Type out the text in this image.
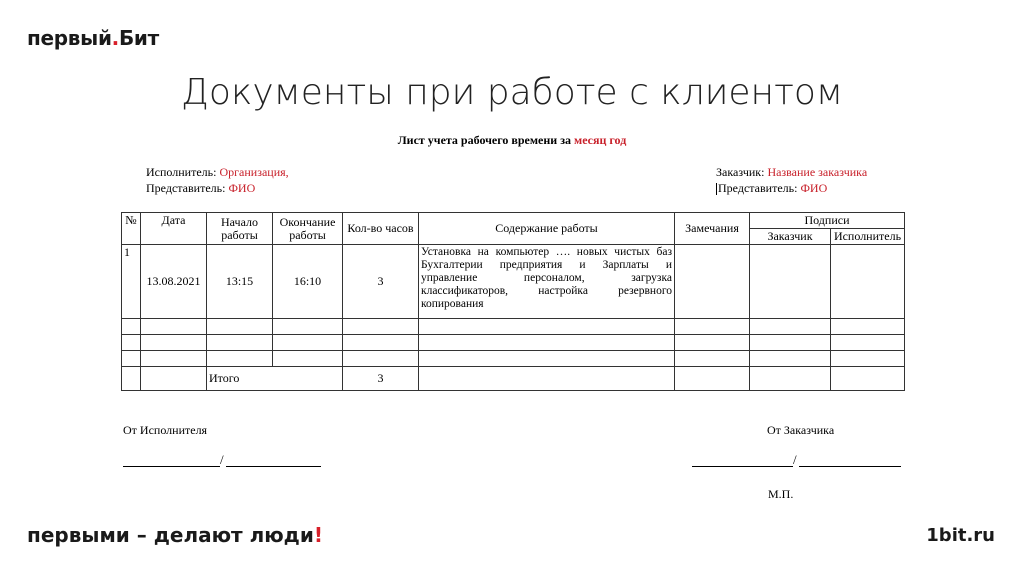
первый.Бит
Документы при работе с клиентом
Лист учета рабочего времени за месяц год
Исполнитель: Организация,
Представитель: ФИО
Заказчик: Название заказчика
Представитель: ФИО
№	Дата	Начало работы	Окончание работы	Кол-во часов	Содержание работы	Замечания	Подписи	
							Заказчик	Исполнитель
1	13.08.2021	13:15	16:10	3	Установка на компьютер …. новых чистых баз Бухгалтерии предприятия и Зарплаты и управление персоналом, загрузка классификаторов, настройка резервного копирования			

		Итого		3				
От Исполнителя	От Заказчика
/	/
М.П.
первыми – делают люди!	1bit.ru
